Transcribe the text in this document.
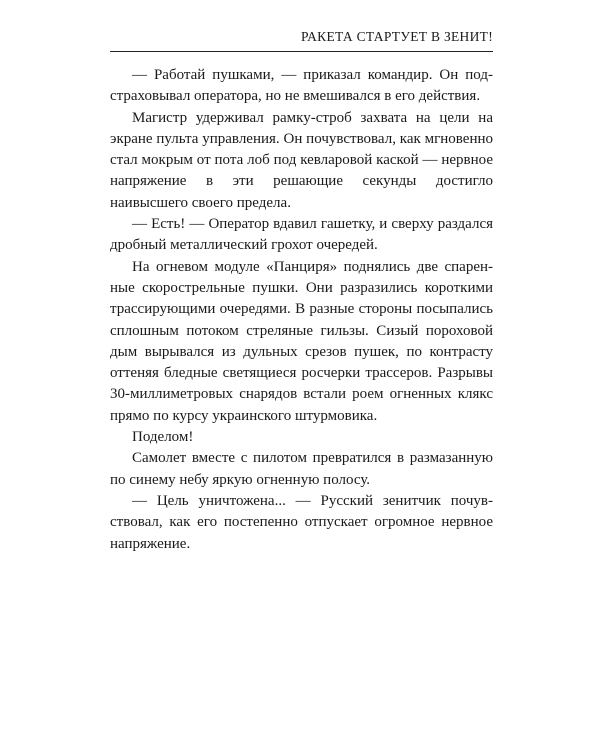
РАКЕТА СТАРТУЕТ В ЗЕНИТ!

— Работай пушками, — приказал командир. Он подстраховывал оператора, но не вмешивался в его действия.

Магистр удерживал рамку-строб захвата на цели на экране пульта управления. Он почувствовал, как мгновенно стал мокрым от пота лоб под кевларовой каской — нервное напряжение в эти решающие секунды достигло наивысшего своего предела.

— Есть! — Оператор вдавил гашетку, и сверху раздался дробный металлический грохот очередей.

На огневом модуле «Панциря» поднялись две спаренные скорострельные пушки. Они разразились короткими трассирующими очередями. В разные стороны посыпались сплошным потоком стреляные гильзы. Сизый пороховой дым вырывался из дульных срезов пушек, по контрасту оттеняя бледные светящиеся росчерки трассеров. Разрывы 30-миллиметровых снарядов встали роем огненных клякс прямо по курсу украинского штурмовика.

Поделом!

Самолет вместе с пилотом превратился в размазанную по синему небу яркую огненную полосу.

— Цель уничтожена... — Русский зенитчик почувствовал, как его постепенно отпускает огромное нервное напряжение.
